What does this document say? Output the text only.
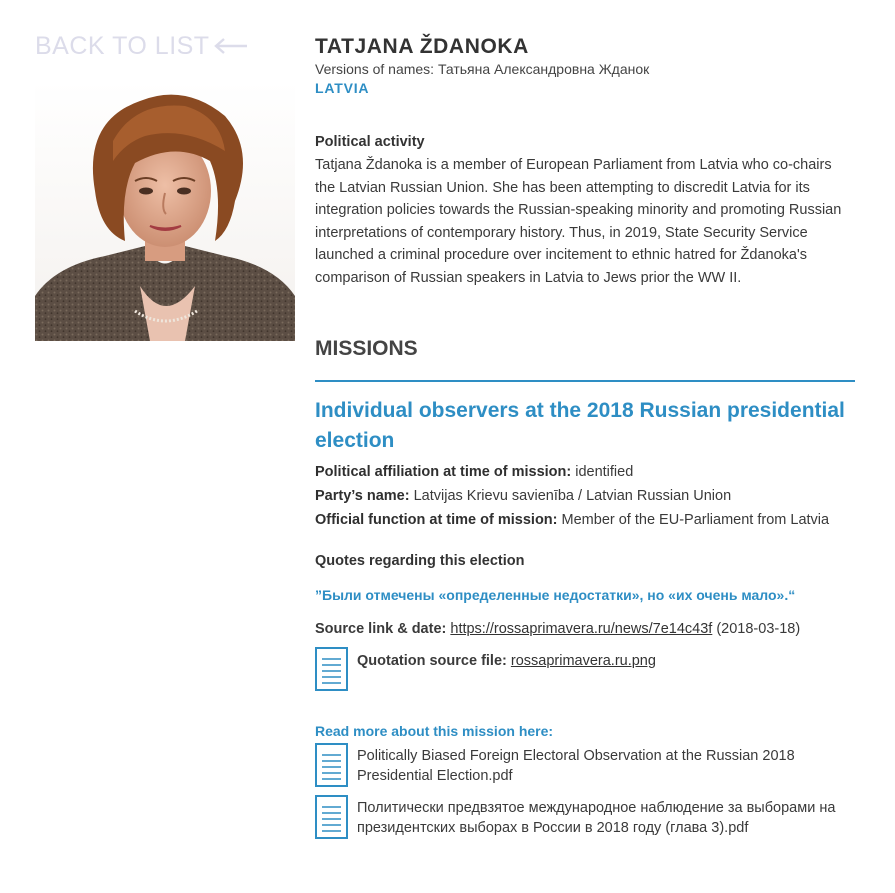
BACK TO LIST	TATJANA ŽDANOKA
Versions of names: Татьяна Александровна Жданок
LATVIA
Political activity

Tatjana Ždanoka is a member of European Parliament from Latvia who co-chairs the Latvian Russian Union. She has been attempting to discredit Latvia for its integration policies towards the Russian-speaking minority and promoting Russian interpretations of contemporary history. Thus, in 2019, State Security Service launched a criminal procedure over incitement to ethnic hatred for Ždanoka's comparison of Russian speakers in Latvia to Jews prior the WW II.

MISSIONS
Individual observers at the 2018 Russian presidential election
Political affiliation at time of mission: identified
Party’s name: Latvijas Krievu savienība / Latvian Russian Union
Official function at time of mission: Member of the EU-Parliament from Latvia
Quotes regarding this election
”Были отмечены «определенные недостатки», но «их очень мало».“
Source link & date: https://rossaprimavera.ru/news/7e14c43f (2018-03-18)
Quotation source file: rossaprimavera.ru.png
Read more about this mission here:
Politically Biased Foreign Electoral Observation at the Russian 2018 Presidential Election.pdf
Политически предвзятое международное наблюдение за выборами на президентских выборах в России в 2018 году (глава 3).pdf
